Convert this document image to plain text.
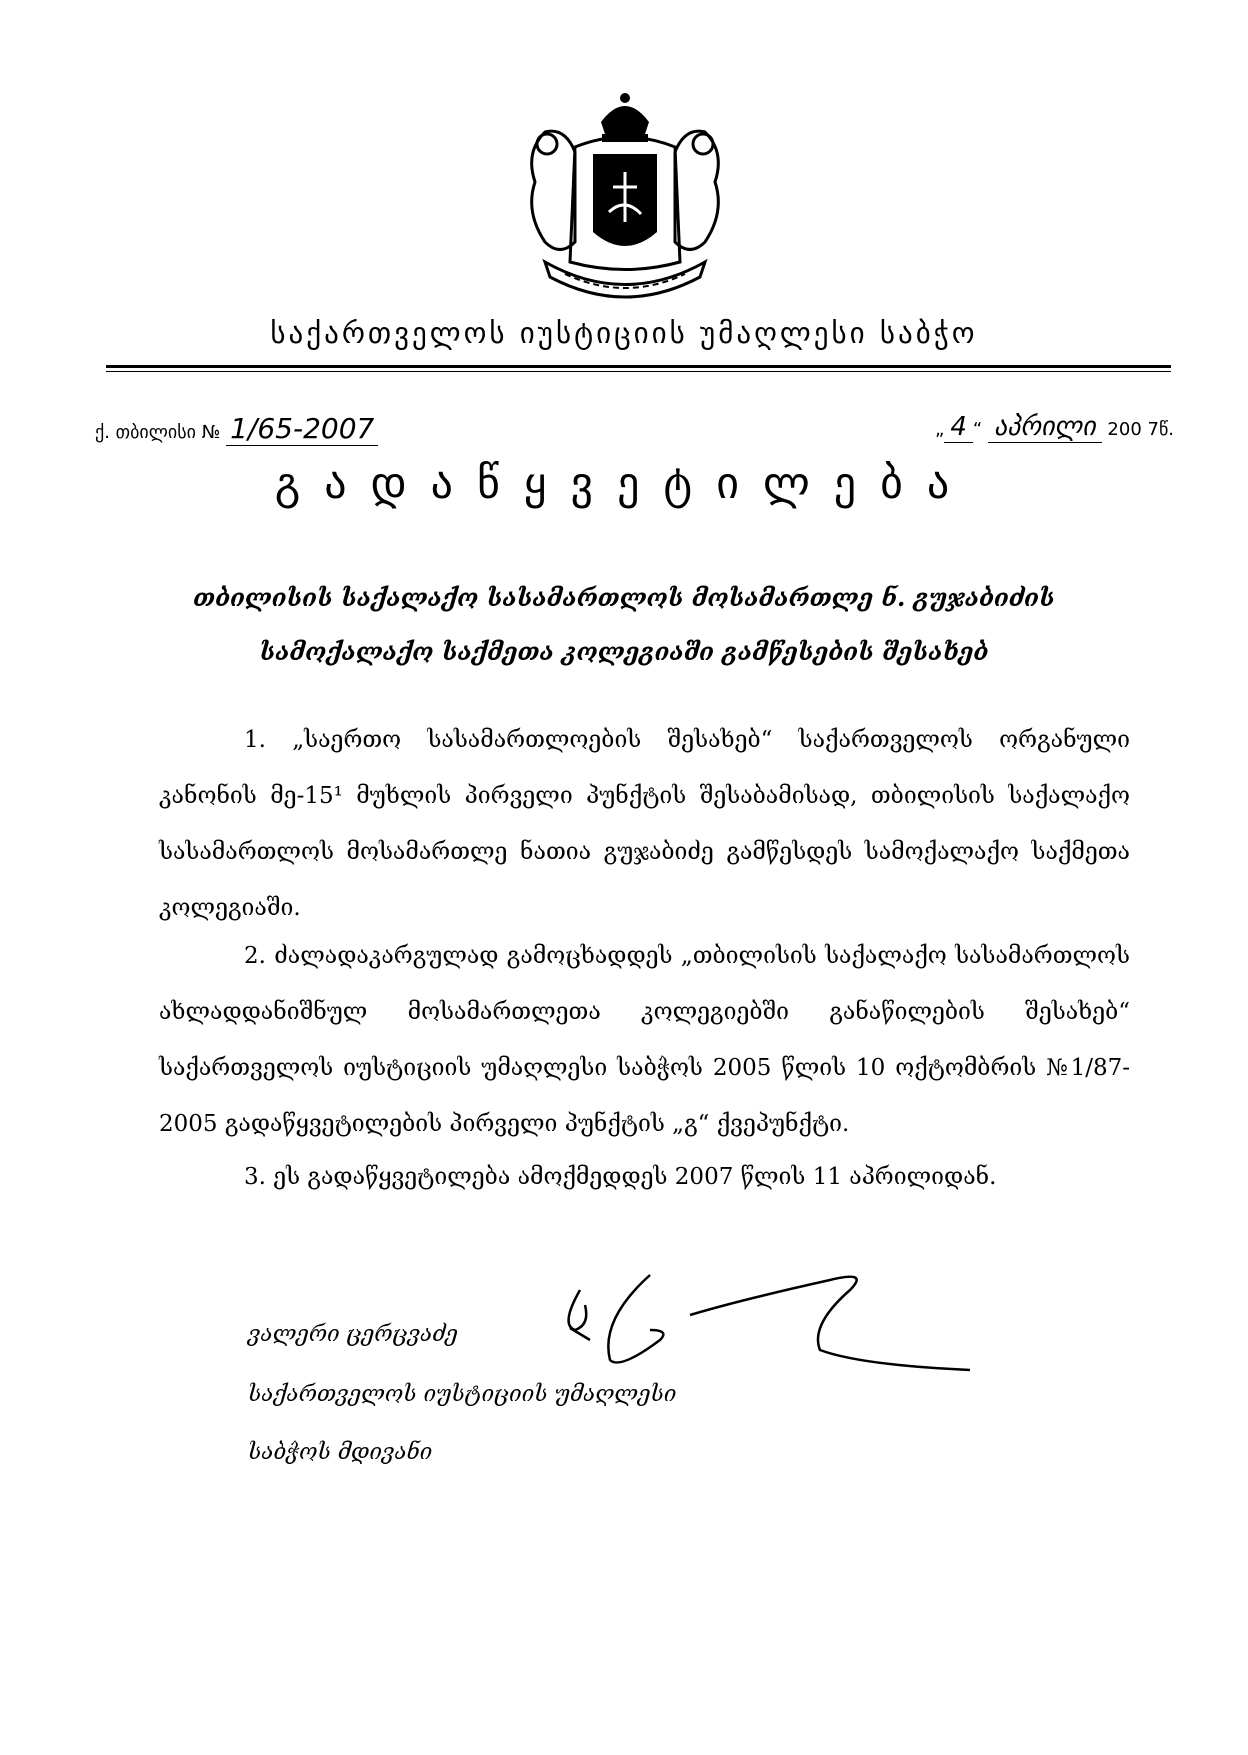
საქართველოს იუსტიციის უმაღლესი საბჭო
ქ. თბილისი № 1/65-2007	„ 4 “ აპრილი 200 7წ.
გადაწყვეტილება
თბილისის საქალაქო სასამართლოს მოსამართლე ნ. გუჯაბიძის
სამოქალაქო საქმეთა კოლეგიაში გამწესების შესახებ

1. „საერთო სასამართლოების შესახებ“ საქართველოს ორგანული კანონის მე-15¹ მუხლის პირველი პუნქტის შესაბამისად, თბილისის საქალაქო სასამართლოს მოსამართლე ნათია გუჯაბიძე გამწესდეს სამოქალაქო საქმეთა კოლეგიაში.

2. ძალადაკარგულად გამოცხადდეს „თბილისის საქალაქო სასამართლოს ახლადდანიშნულ მოსამართლეთა კოლეგიებში განაწილების შესახებ“ საქართველოს იუსტიციის უმაღლესი საბჭოს 2005 წლის 10 ოქტომბრის №1/87-2005 გადაწყვეტილების პირველი პუნქტის „გ“ ქვეპუნქტი.

3. ეს გადაწყვეტილება ამოქმედდეს 2007 წლის 11 აპრილიდან.

ვალერი ცერცვაძე
საქართველოს იუსტიციის უმაღლესი
საბჭოს მდივანი
